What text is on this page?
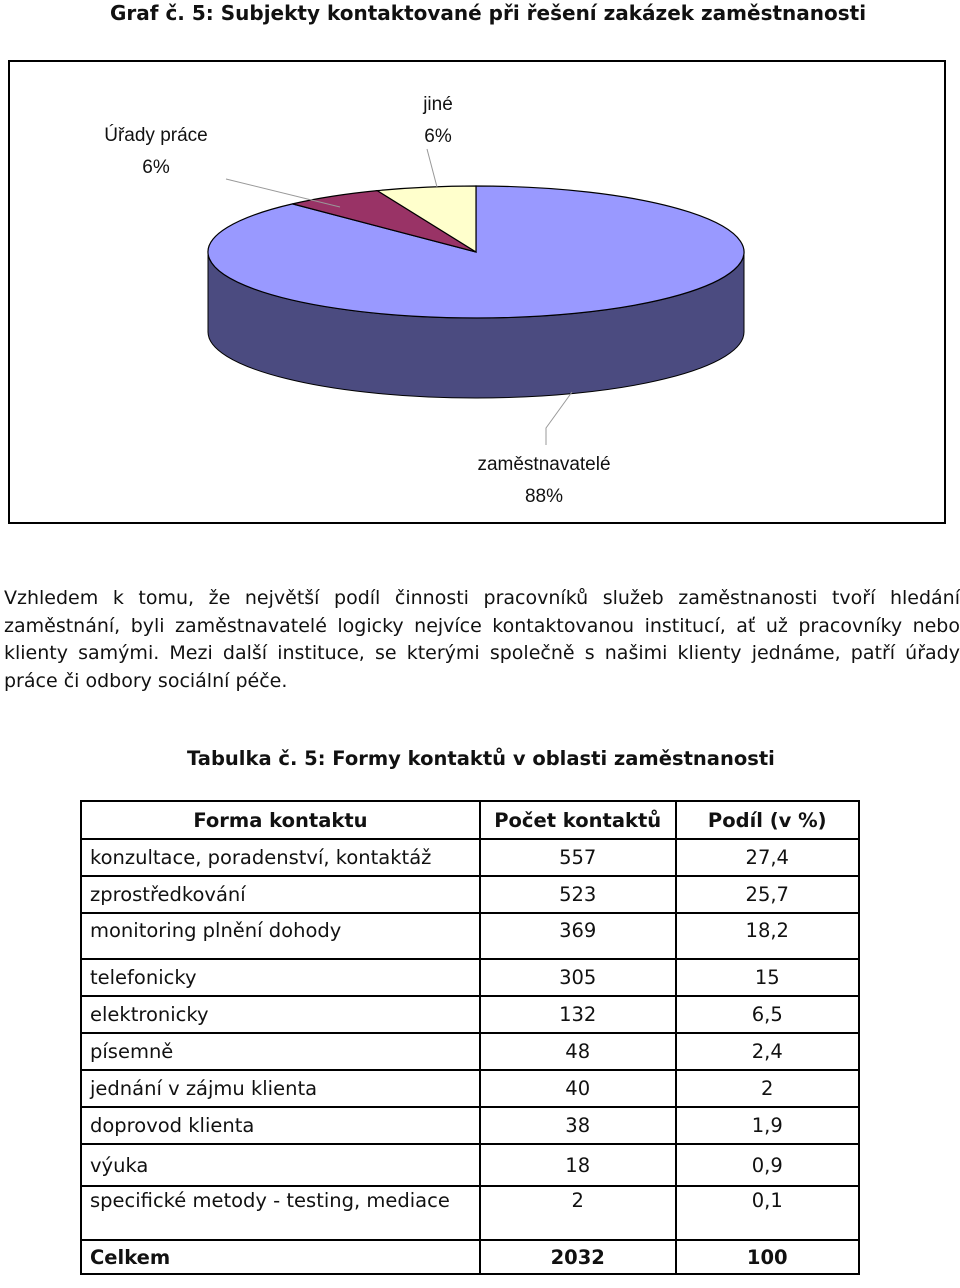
Graf č. 5: Subjekty kontaktované při řešení zakázek zaměstnanosti
jiné
6%
Úřady práce
6%
zaměstnavatelé
88%
Vzhledem k tomu, že největší podíl činnosti pracovníků služeb zaměstnanosti tvoří hledání zaměstnání, byli zaměstnavatelé logicky nejvíce kontaktovanou institucí, ať už pracovníky nebo klienty samými. Mezi další instituce, se kterými společně s našimi klienty jednáme, patří úřady práce či odbory sociální péče.
Tabulka č. 5: Formy kontaktů v oblasti zaměstnanosti
Forma kontaktu	Počet kontaktů	Podíl (v %)
konzultace, poradenství, kontaktáž	557	27,4
zprostředkování	523	25,7
monitoring plnění dohody	369	18,2
telefonicky	305	15
elektronicky	132	6,5
písemně	48	2,4
jednání v zájmu klienta	40	2
doprovod klienta	38	1,9
výuka	18	0,9
specifické metody - testing, mediace	2	0,1
Celkem	2032	100
